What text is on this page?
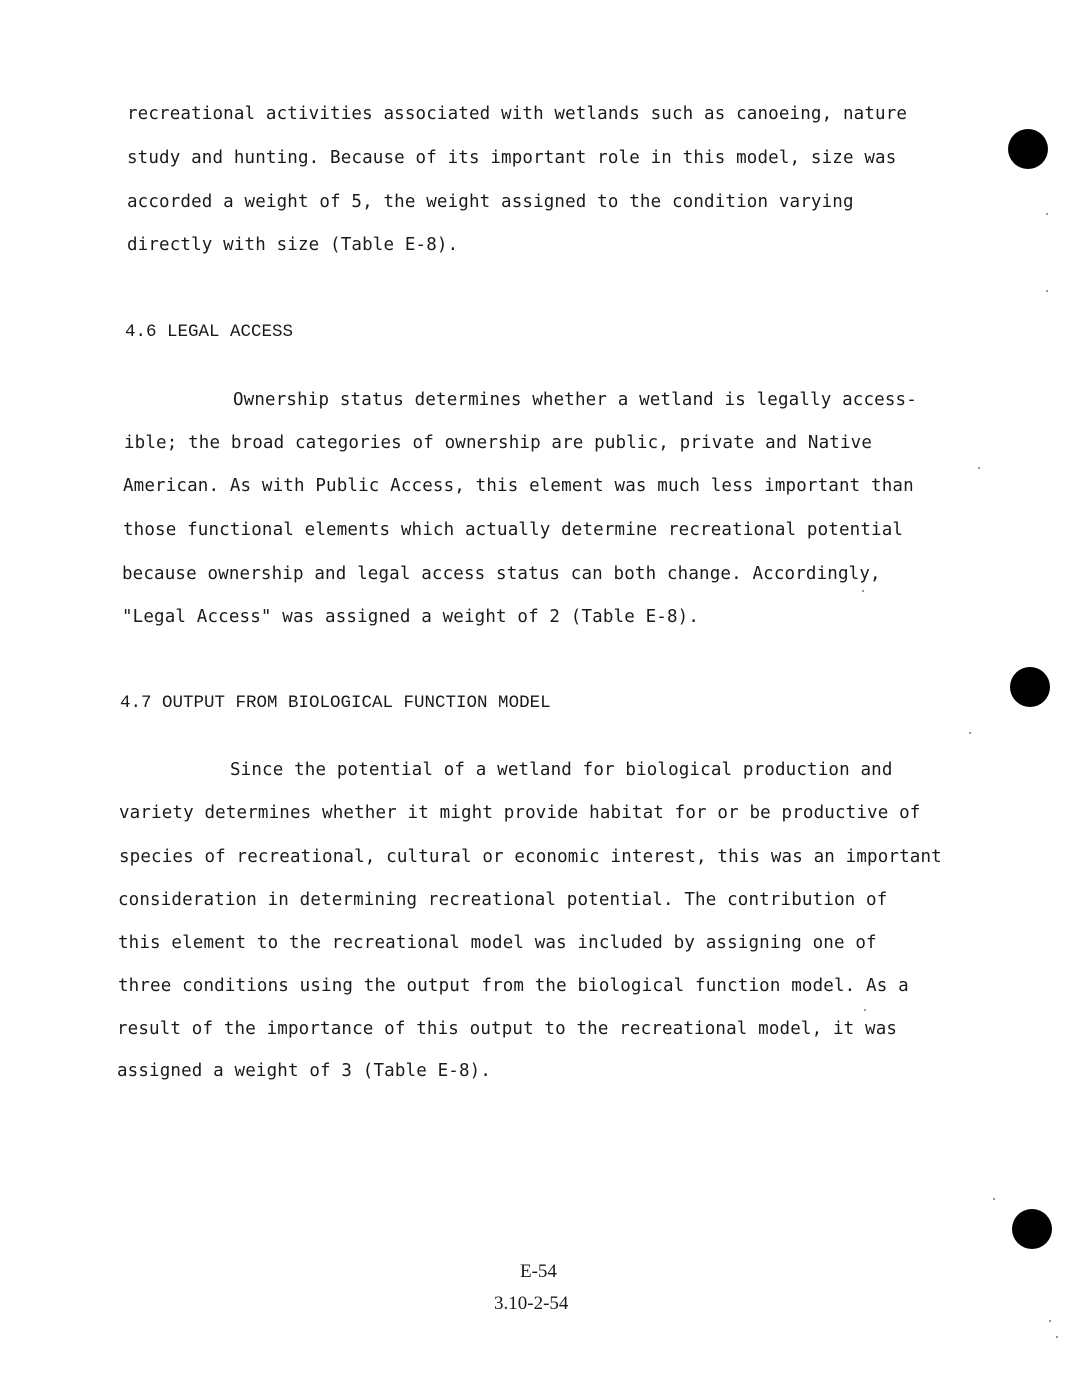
recreational activities associated with wetlands such as canoeing, nature
study and hunting. Because of its important role in this model, size was
accorded a weight of 5, the weight assigned to the condition varying
directly with size (Table E-8).
4.6 LEGAL ACCESS
Ownership status determines whether a wetland is legally access-
ible; the broad categories of ownership are public, private and Native
American. As with Public Access, this element was much less important than
those functional elements which actually determine recreational potential
because ownership and legal access status can both change. Accordingly,
"Legal Access" was assigned a weight of 2 (Table E-8).
4.7 OUTPUT FROM BIOLOGICAL FUNCTION MODEL
Since the potential of a wetland for biological production and
variety determines whether it might provide habitat for or be productive of
species of recreational, cultural or economic interest, this was an important
consideration in determining recreational potential. The contribution of
this element to the recreational model was included by assigning one of
three conditions using the output from the biological function model. As a
result of the importance of this output to the recreational model, it was
assigned a weight of 3 (Table E-8).
E-54
3.10-2-54
